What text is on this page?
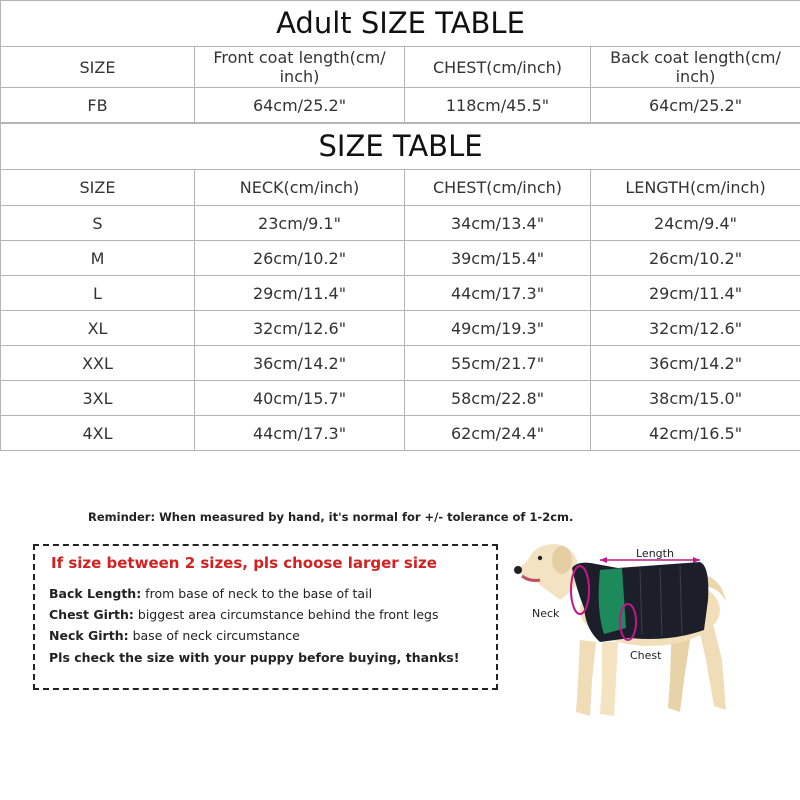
Adult SIZE TABLE			
SIZE	Front coat length(cm/ inch)	CHEST(cm/inch)	Back coat length(cm/ inch)
FB	64cm/25.2"	118cm/45.5"	64cm/25.2"
SIZE TABLE			
SIZE	NECK(cm/inch)	CHEST(cm/inch)	LENGTH(cm/inch)
S	23cm/9.1"	34cm/13.4"	24cm/9.4"
M	26cm/10.2"	39cm/15.4"	26cm/10.2"
L	29cm/11.4"	44cm/17.3"	29cm/11.4"
XL	32cm/12.6"	49cm/19.3"	32cm/12.6"
XXL	36cm/14.2"	55cm/21.7"	36cm/14.2"
3XL	40cm/15.7"	58cm/22.8"	38cm/15.0"
4XL	44cm/17.3"	62cm/24.4"	42cm/16.5"
Reminder: When measured by hand, it's normal for +/- tolerance of 1-2cm.
If size between 2 sizes, pls choose larger size
Back Length: from base of neck to the base of tail
Chest Girth: biggest area circumstance behind the front legs
Neck Girth: base of neck circumstance
Pls check the size with your puppy before buying, thanks!
Length
Neck
Chest
